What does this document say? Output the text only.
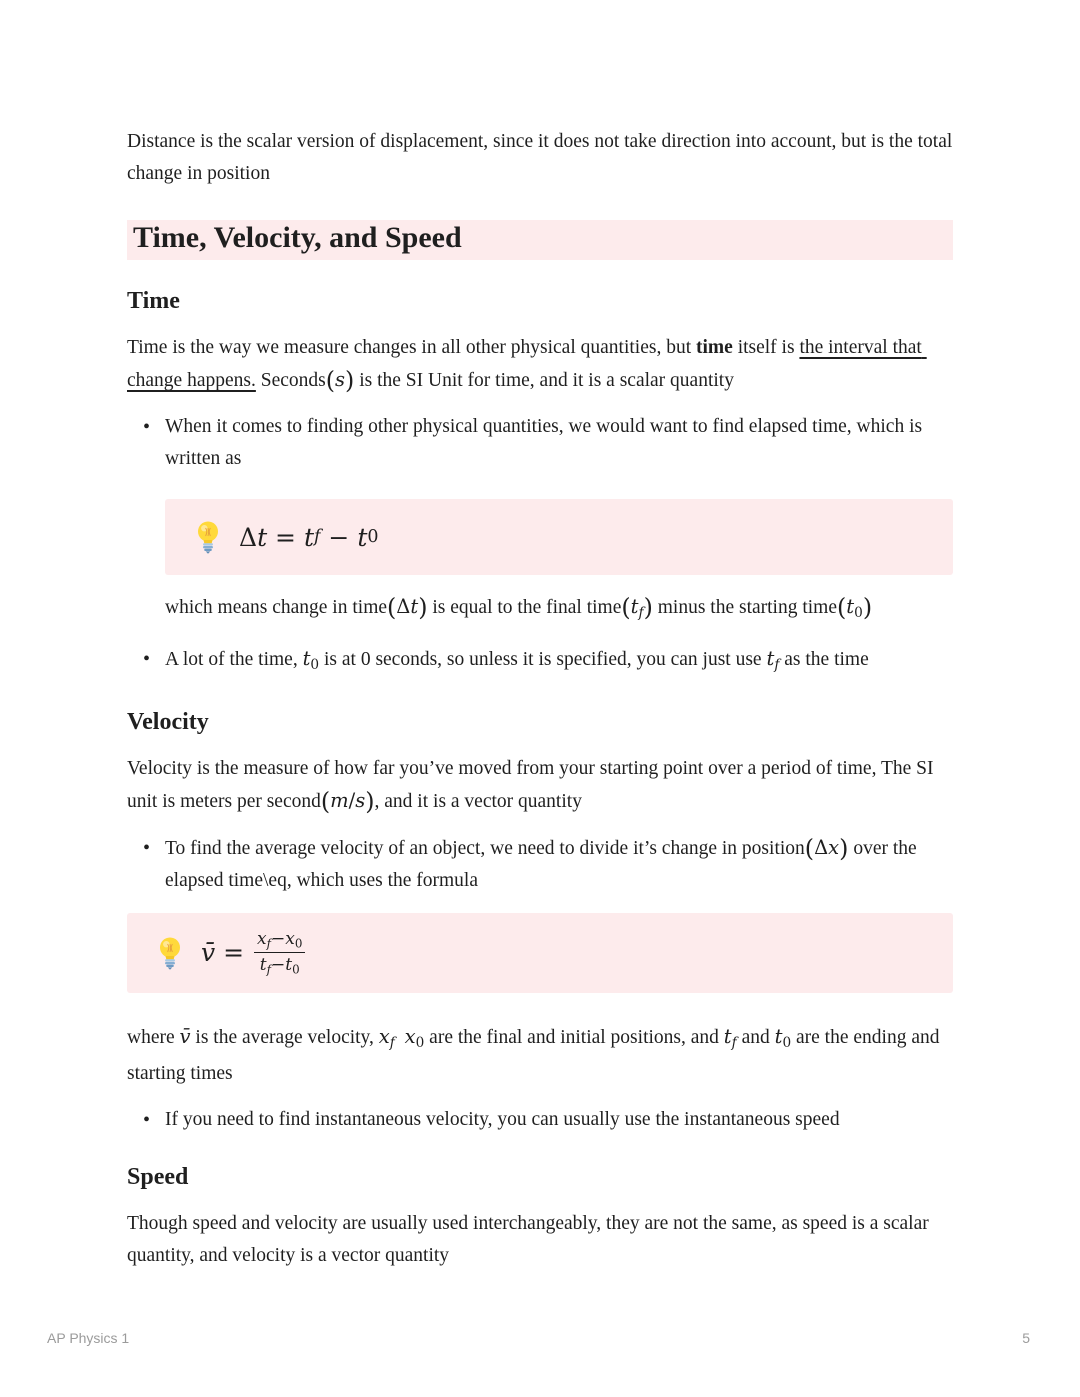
Distance is the scalar version of displacement, since it does not take direction into account, but is the total change in position

Time, Velocity, and Speed
Time

Time is the way we measure changes in all other physical quantities, but time itself is the interval that change happens. Seconds(s) is the SI Unit for time, and it is a scalar quantity

• When it comes to finding other physical quantities, we would want to find elapsed time, which is written as
Δ t = t f − t 0

which means change in time(Δt) is equal to the final time(tf) minus the starting time(t0)

• A lot of the time, t0 is at 0 seconds, so unless it is specified, you can just use tf as the time
Velocity

Velocity is the measure of how far you’ve moved from your starting point over a period of time, The SI unit is meters per second(m/s), and it is a vector quantity

• To find the average velocity of an object, we need to divide it’s change in position(Δx) over the elapsed time\eq, which uses the formula
v̄ = $\frac{xf-x0}{tf-t0}$

where v̄ is the average velocity, xf x0 are the final and initial positions, and tf and t0 are the ending and starting times

• If you need to find instantaneous velocity, you can usually use the instantaneous speed
Speed

Though speed and velocity are usually used interchangeably, they are not the same, as speed is a scalar quantity, and velocity is a vector quantity

AP Physics 1	5
